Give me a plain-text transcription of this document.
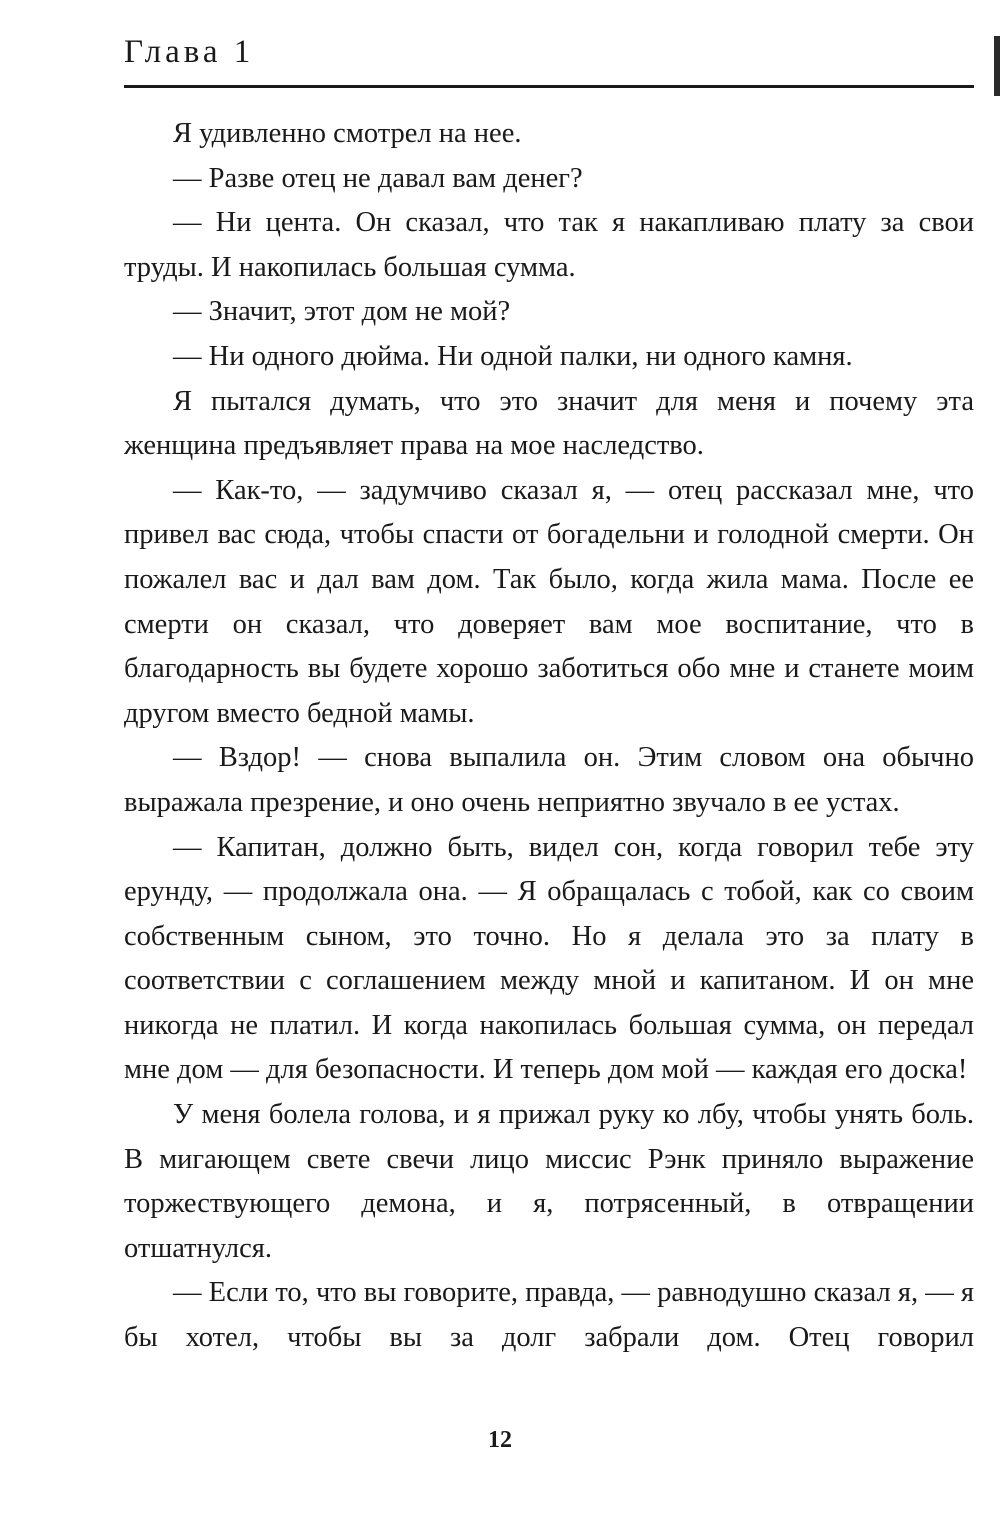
Глава 1

Я удивленно смотрел на нее.

— Разве отец не давал вам денег?

— Ни цента. Он сказал, что так я накапливаю плату за свои труды. И накопилась большая сумма.

— Значит, этот дом не мой?

— Ни одного дюйма. Ни одной палки, ни одного камня.

Я пытался думать, что это значит для меня и почему эта женщина предъявляет права на мое наследство.

— Как-то, — задумчиво сказал я, — отец рассказал мне, что привел вас сюда, чтобы спасти от богадельни и голодной смерти. Он пожалел вас и дал вам дом. Так было, когда жила мама. После ее смерти он сказал, что доверяет вам мое воспитание, что в благодарность вы будете хорошо заботиться обо мне и станете моим другом вместо бедной мамы.

— Вздор! — снова выпалила он. Этим словом она обычно выражала презрение, и оно очень неприятно звучало в ее устах.

— Капитан, должно быть, видел сон, когда говорил тебе эту ерунду, — продолжала она. — Я обращалась с тобой, как со своим собственным сыном, это точно. Но я делала это за плату в соответствии с соглашением между мной и капитаном. И он мне никогда не платил. И когда накопилась большая сумма, он передал мне дом — для безопасности. И теперь дом мой — каждая его доска!

У меня болела голова, и я прижал руку ко лбу, чтобы унять боль. В мигающем свете свечи лицо миссис Рэнк приняло выражение торжествующего демона, и я, потрясенный, в отвращении отшатнулся.

— Если то, что вы говорите, правда, — равнодушно сказал я, — я бы хотел, чтобы вы за долг забрали дом. Отец говорил

12
